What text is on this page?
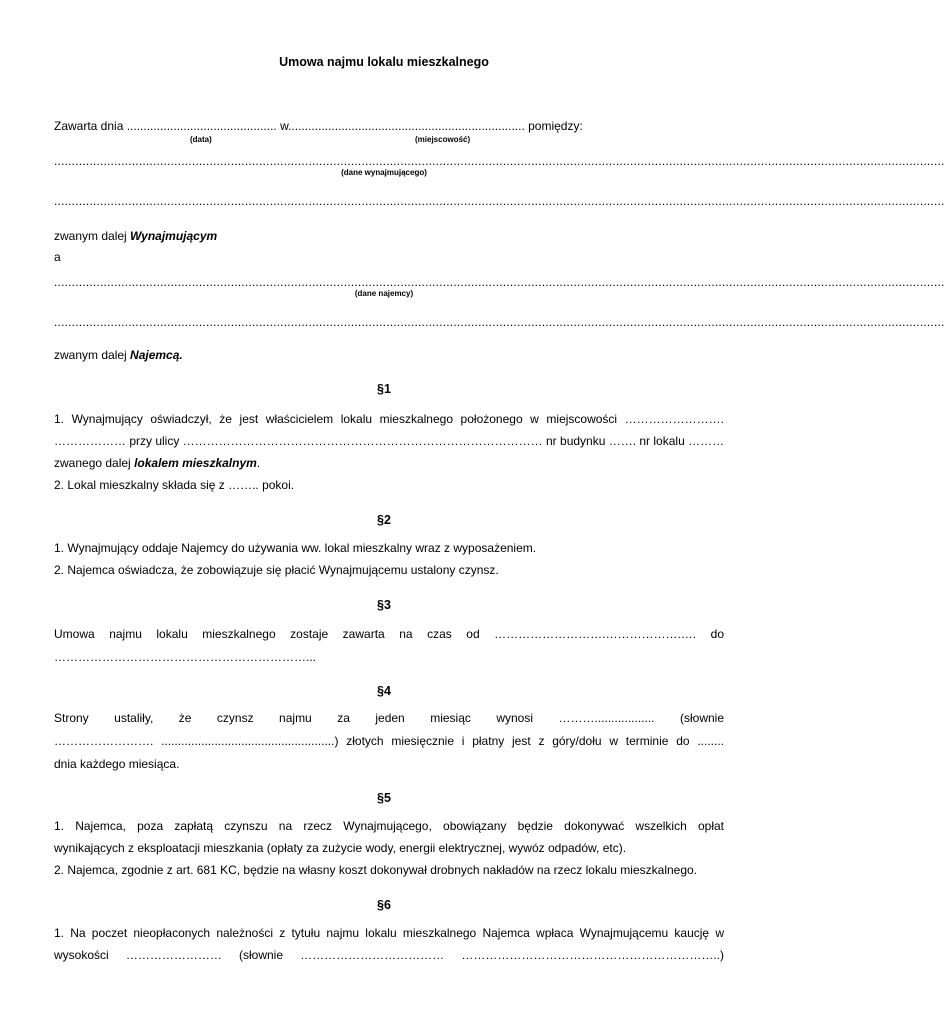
Umowa najmu lokalu mieszkalnego
Zawarta dnia ............................................. w....................................................................... pomiędzy:
(data)	(miejscowość)
............................................................................................................................................................................................................................................................
(dane wynajmującego)
............................................................................................................................................................................................................................................................
zwanym dalej Wynajmującym
a
............................................................................................................................................................................................................................................................
(dane najemcy)
............................................................................................................................................................................................................................................................
zwanym dalej Najemcą.
§1
1. Wynajmujący oświadczył, że jest właścicielem lokalu mieszkalnego położonego w miejscowości …………………….
……………… przy ulicy ……………………………………………………………………………… nr budynku ……. nr lokalu ………
zwanego dalej lokalem mieszkalnym.
2. Lokal mieszkalny składa się z …….. pokoi.
§2
1. Wynajmujący oddaje Najemcy do używania ww. lokal mieszkalny wraz z wyposażeniem.
2. Najemca oświadcza, że zobowiązuje się płacić Wynajmującemu ustalony czynsz.
§3
Umowa najmu lokalu mieszkalnego zostaje zawarta na czas od ……………………….……………….…. do
………………………………………………………...
§4
Strony ustaliły, że czynsz najmu za jeden miesiąc wynosi ……….................. (słownie
……………………. ....................................................) złotych miesięcznie i płatny jest z góry/dołu w terminie do ........
dnia każdego miesiąca.
§5
1. Najemca, poza zapłatą czynszu na rzecz Wynajmującego, obowiązany będzie dokonywać wszelkich opłat
wynikających z eksploatacji mieszkania (opłaty za zużycie wody, energii elektrycznej, wywóz odpadów, etc).
2. Najemca, zgodnie z art. 681 KC, będzie na własny koszt dokonywał drobnych nakładów na rzecz lokalu mieszkalnego.
§6
1. Na poczet nieopłaconych należności z tytułu najmu lokalu mieszkalnego Najemca wpłaca Wynajmującemu kaucję w
wysokości …………………… (słownie ……………………………… ………………………………………………………..)
